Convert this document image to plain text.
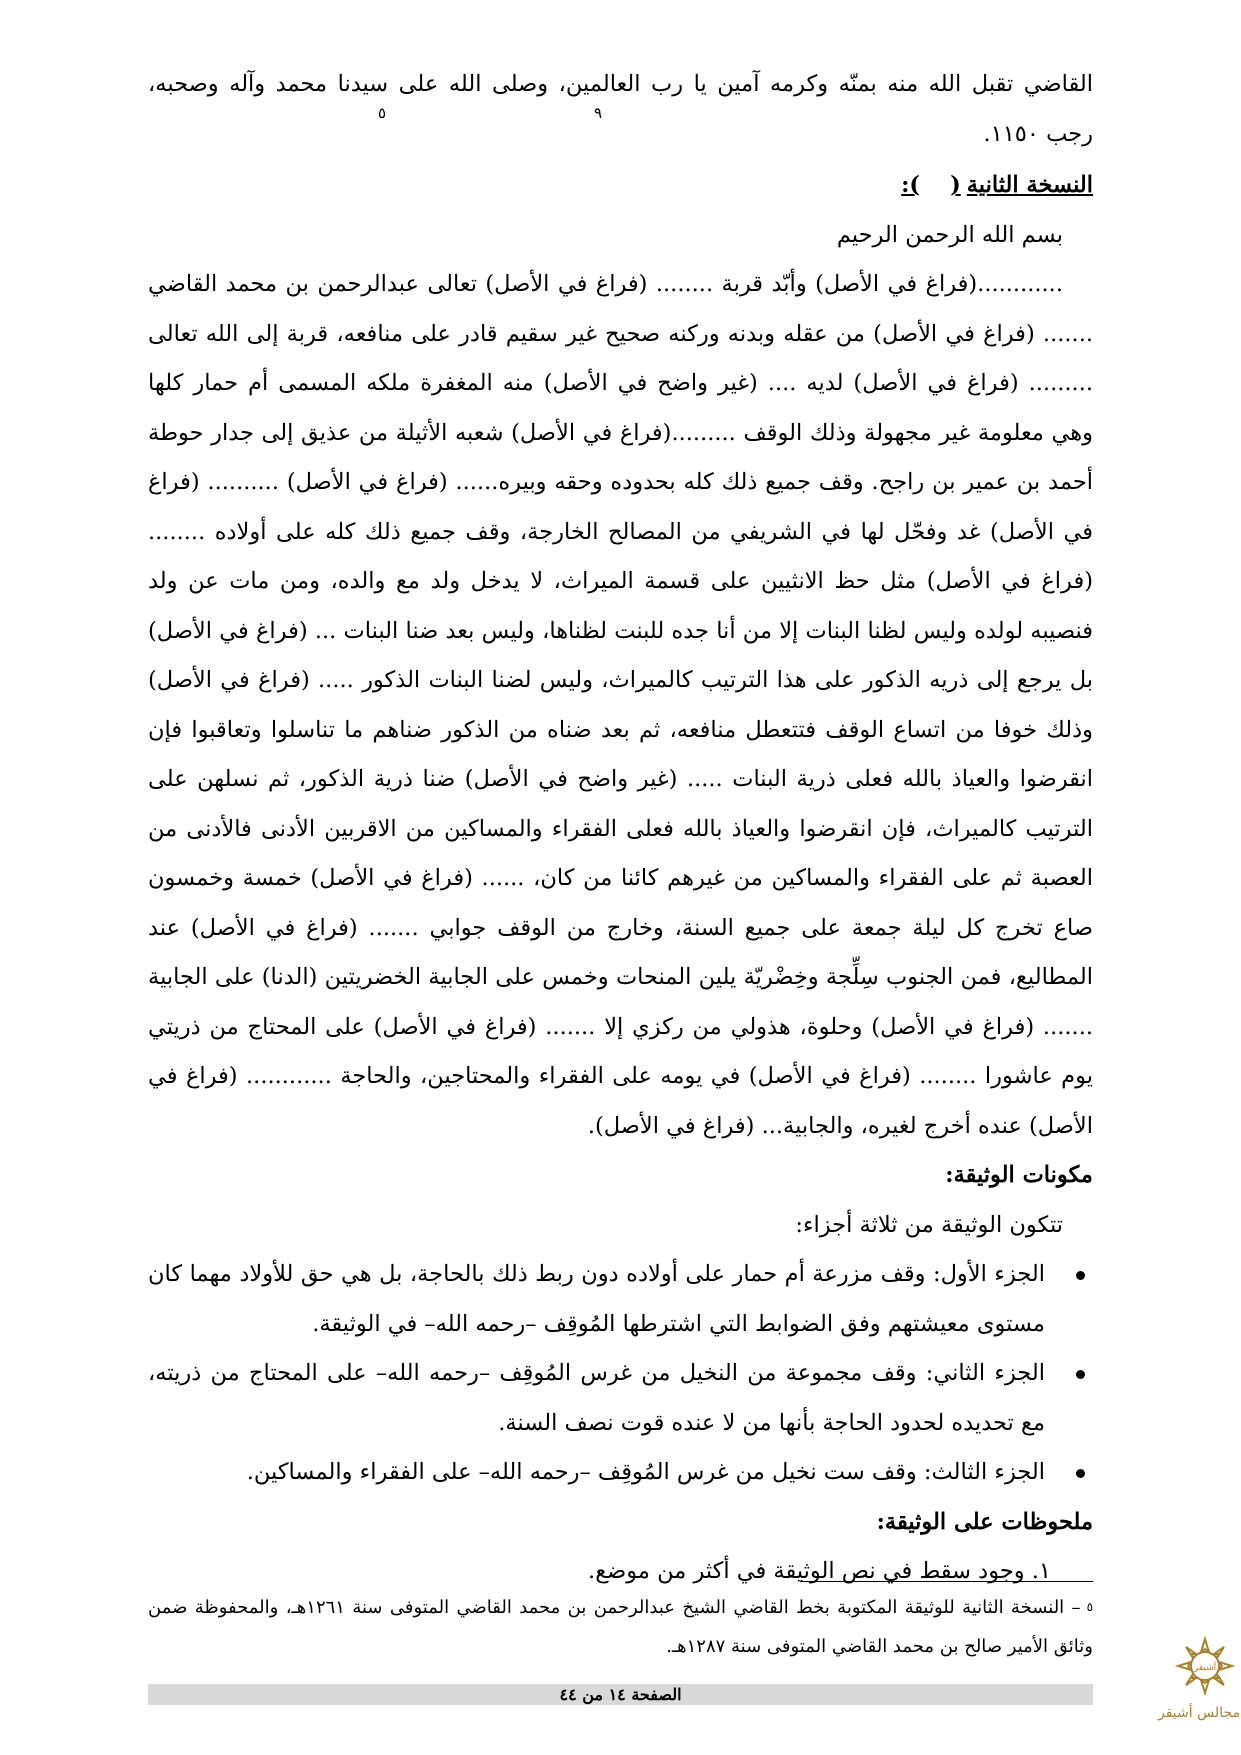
القاضي تقبل الله منه بمنّه وكرمه آمين يا رب العالمين، وصلى الله على سيدنا محمد وآله وصحبه، رجب ١١٥٠.

النسخة الثانية():

بسم الله الرحمن الرحيم

............(فراغ في الأصل) وأبّد قربة ........ (فراغ في الأصل) تعالى عبدالرحمن بن محمد القاضي ....... (فراغ في الأصل) من عقله وبدنه وركنه صحيح غير سقيم قادر على منافعه، قربة إلى الله تعالى ......... (فراغ في الأصل) لديه .... (غير واضح في الأصل) منه المغفرة ملكه المسمى أم حمار كلها وهي معلومة غير مجهولة وذلك الوقف .........(فراغ في الأصل) شعبه الأثيلة من عذيق إلى جدار حوطة أحمد بن عمير بن راجح. وقف جميع ذلك كله بحدوده وحقه وبيره...... (فراغ في الأصل) .......... (فراغ في الأصل) غد وفحّل لها في الشريفي من المصالح الخارجة، وقف جميع ذلك كله على أولاده ........ (فراغ في الأصل) مثل حظ الانثيين على قسمة الميراث، لا يدخل ولد مع والده، ومن مات عن ولد فنصيبه لولده وليس لظنا البنات إلا من أنا جده للبنت لظناها، وليس بعد ضنا البنات ... (فراغ في الأصل) بل يرجع إلى ذريه الذكور على هذا الترتيب كالميراث، وليس لضنا البنات الذكور ..... (فراغ في الأصل) وذلك خوفا من اتساع الوقف فتتعطل منافعه، ثم بعد ضناه من الذكور ضناهم ما تناسلوا وتعاقبوا فإن انقرضوا والعياذ بالله فعلى ذرية البنات ..... (غير واضح في الأصل) ضنا ذرية الذكور، ثم نسلهن على الترتيب كالميراث، فإن انقرضوا والعياذ بالله فعلى الفقراء والمساكين من الاقربين الأدنى فالأدنى من العصبة ثم على الفقراء والمساكين من غيرهم كائنا من كان، ...... (فراغ في الأصل) خمسة وخمسون صاع تخرج كل ليلة جمعة على جميع السنة، وخارج من الوقف جوابي ....... (فراغ في الأصل) عند المطاليع، فمن الجنوب سِلِّجة وخِضْريّة يلين المنحات وخمس على الجابية الخضريتين (الدنا) على الجابية ....... (فراغ في الأصل) وحلوة، هذولي من ركزي إلا ....... (فراغ في الأصل) على المحتاج من ذريتي يوم عاشورا ........ (فراغ في الأصل) في يومه على الفقراء والمحتاجين، والحاجة ............ (فراغ في الأصل) عنده أخرج لغيره، والجابية... (فراغ في الأصل).

مكونات الوثيقة:

تتكون الوثيقة من ثلاثة أجزاء:

الجزء الأول: وقف مزرعة أم حمار على أولاده دون ربط ذلك بالحاجة، بل هي حق للأولاد مهما كان مستوى معيشتهم وفق الضوابط التي اشترطها المُوقِف –رحمه الله– في الوثيقة.
الجزء الثاني: وقف مجموعة من النخيل من غرس المُوقِف –رحمه الله– على المحتاج من ذريته، مع تحديده لحدود الحاجة بأنها من لا عنده قوت نصف السنة.
الجزء الثالث: وقف ست نخيل من غرس المُوقِف –رحمه الله– على الفقراء والمساكين.

ملحوظات على الوثيقة:

١. وجود سقط في نص الوثيقة في أكثر من موضع.

٥	٩
$^٥$– النسخة الثانية للوثيقة المكتوبة بخط القاضي الشيخ عبدالرحمن بن محمد القاضي المتوفى سنة ١٢٦١هـ، والمحفوظة ضمن وثائق الأمير صالح بن محمد القاضي المتوفى سنة ١٢٨٧هـ.
الصفحة ١٤ من ٤٤
أشيقر
مجالس أشيقر
